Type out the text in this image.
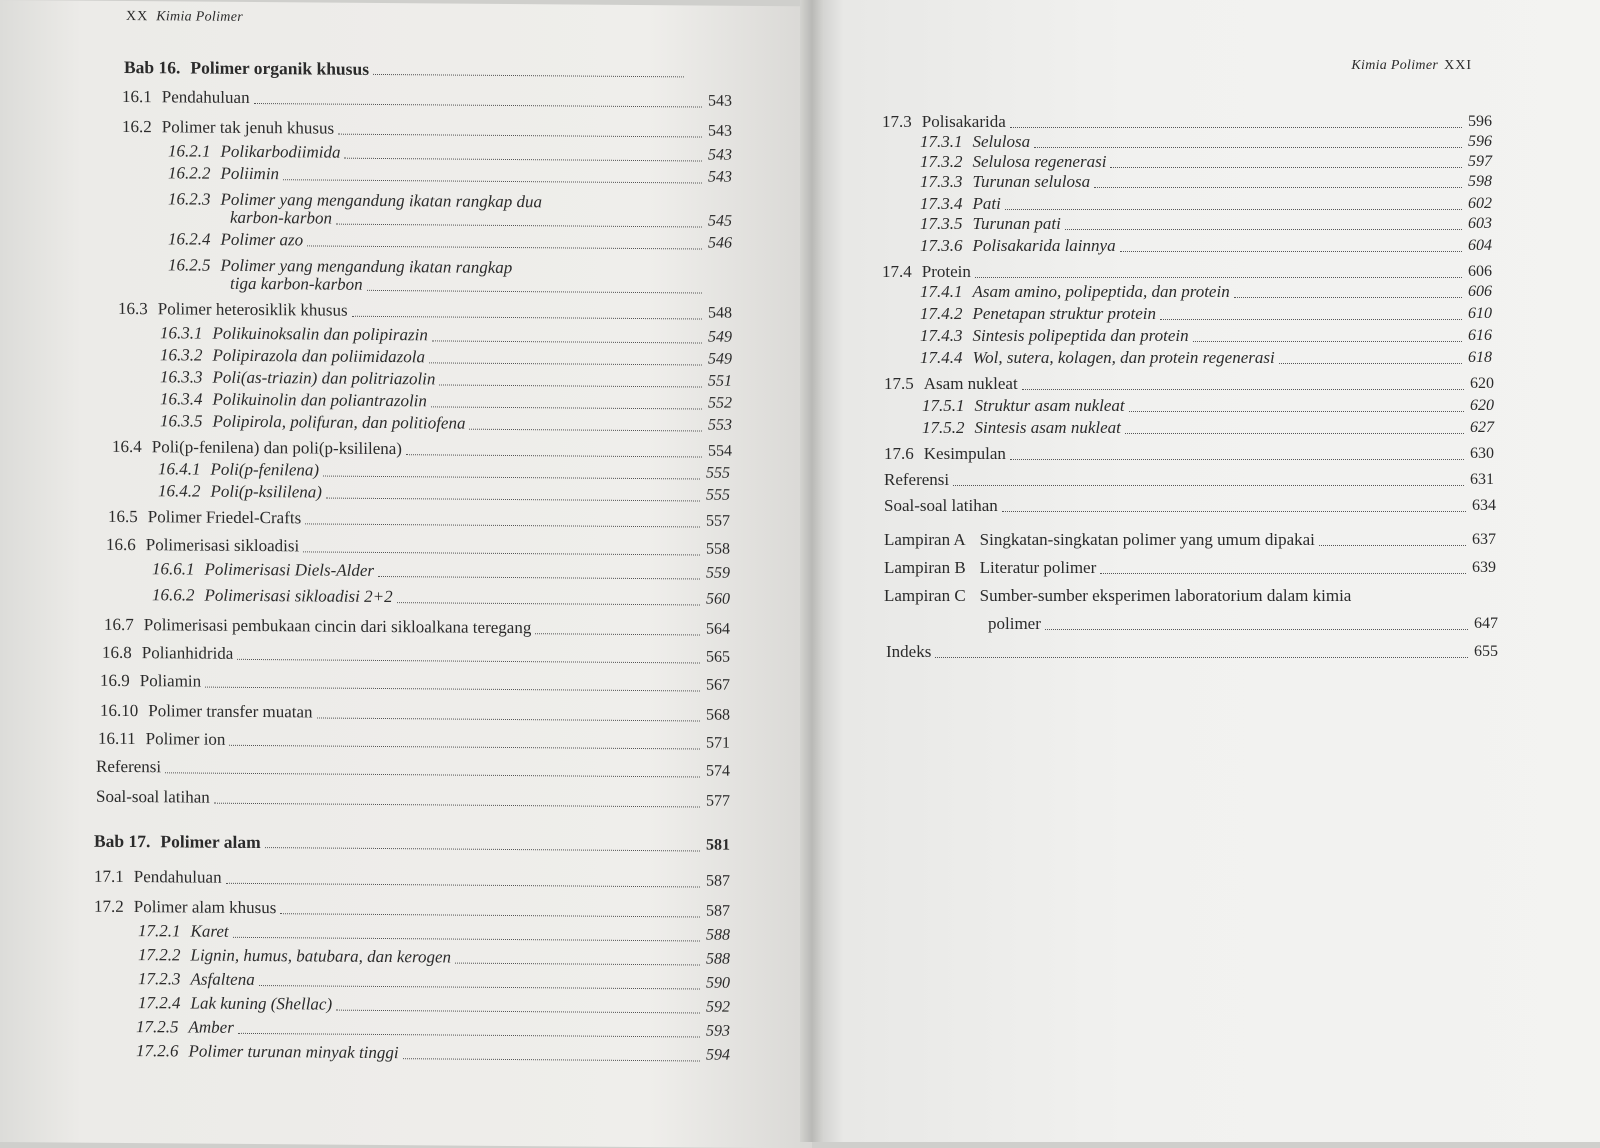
XX Kimia Polimer
Bab 16. Polimer organik khusus
16.1 Pendahuluan	543
16.2 Polimer tak jenuh khusus	543
16.2.1 Polikarbodiimida	543
16.2.2 Poliimin	543
16.2.3 Polimer yang mengandung ikatan rangkap dua
karbon-karbon	545
16.2.4 Polimer azo	546
16.2.5 Polimer yang mengandung ikatan rangkap
tiga karbon-karbon
16.3 Polimer heterosiklik khusus	548
16.3.1 Polikuinoksalin dan polipirazin	549
16.3.2 Polipirazola dan poliimidazola	549
16.3.3 Poli(as-triazin) dan politriazolin	551
16.3.4 Polikuinolin dan poliantrazolin	552
16.3.5 Polipirola, polifuran, dan politiofena	553
16.4 Poli(p-fenilena) dan poli(p-ksililena)	554
16.4.1 Poli(p-fenilena)	555
16.4.2 Poli(p-ksililena)	555
16.5 Polimer Friedel-Crafts	557
16.6 Polimerisasi sikloadisi	558
16.6.1 Polimerisasi Diels-Alder	559
16.6.2 Polimerisasi sikloadisi 2+2	560
16.7 Polimerisasi pembukaan cincin dari sikloalkana teregang	564
16.8 Polianhidrida	565
16.9 Poliamin	567
16.10 Polimer transfer muatan	568
16.11 Polimer ion	571
Referensi	574
Soal-soal latihan	577
Bab 17. Polimer alam	581
17.1 Pendahuluan	587
17.2 Polimer alam khusus	587
17.2.1 Karet	588
17.2.2 Lignin, humus, batubara, dan kerogen	588
17.2.3 Asfaltena	590
17.2.4 Lak kuning (Shellac)	592
17.2.5 Amber	593
17.2.6 Polimer turunan minyak tinggi	594
Kimia Polimer XXI
17.3 Polisakarida	596
17.3.1 Selulosa	596
17.3.2 Selulosa regenerasi	597
17.3.3 Turunan selulosa	598
17.3.4 Pati	602
17.3.5 Turunan pati	603
17.3.6 Polisakarida lainnya	604
17.4 Protein	606
17.4.1 Asam amino, polipeptida, dan protein	606
17.4.2 Penetapan struktur protein	610
17.4.3 Sintesis polipeptida dan protein	616
17.4.4 Wol, sutera, kolagen, dan protein regenerasi	618
17.5 Asam nukleat	620
17.5.1 Struktur asam nukleat	620
17.5.2 Sintesis asam nukleat	627
17.6 Kesimpulan	630
Referensi	631
Soal-soal latihan	634
Lampiran A Singkatan-singkatan polimer yang umum dipakai	637
Lampiran B Literatur polimer	639
Lampiran C Sumber-sumber eksperimen laboratorium dalam kimia
polimer	647
Indeks	655
